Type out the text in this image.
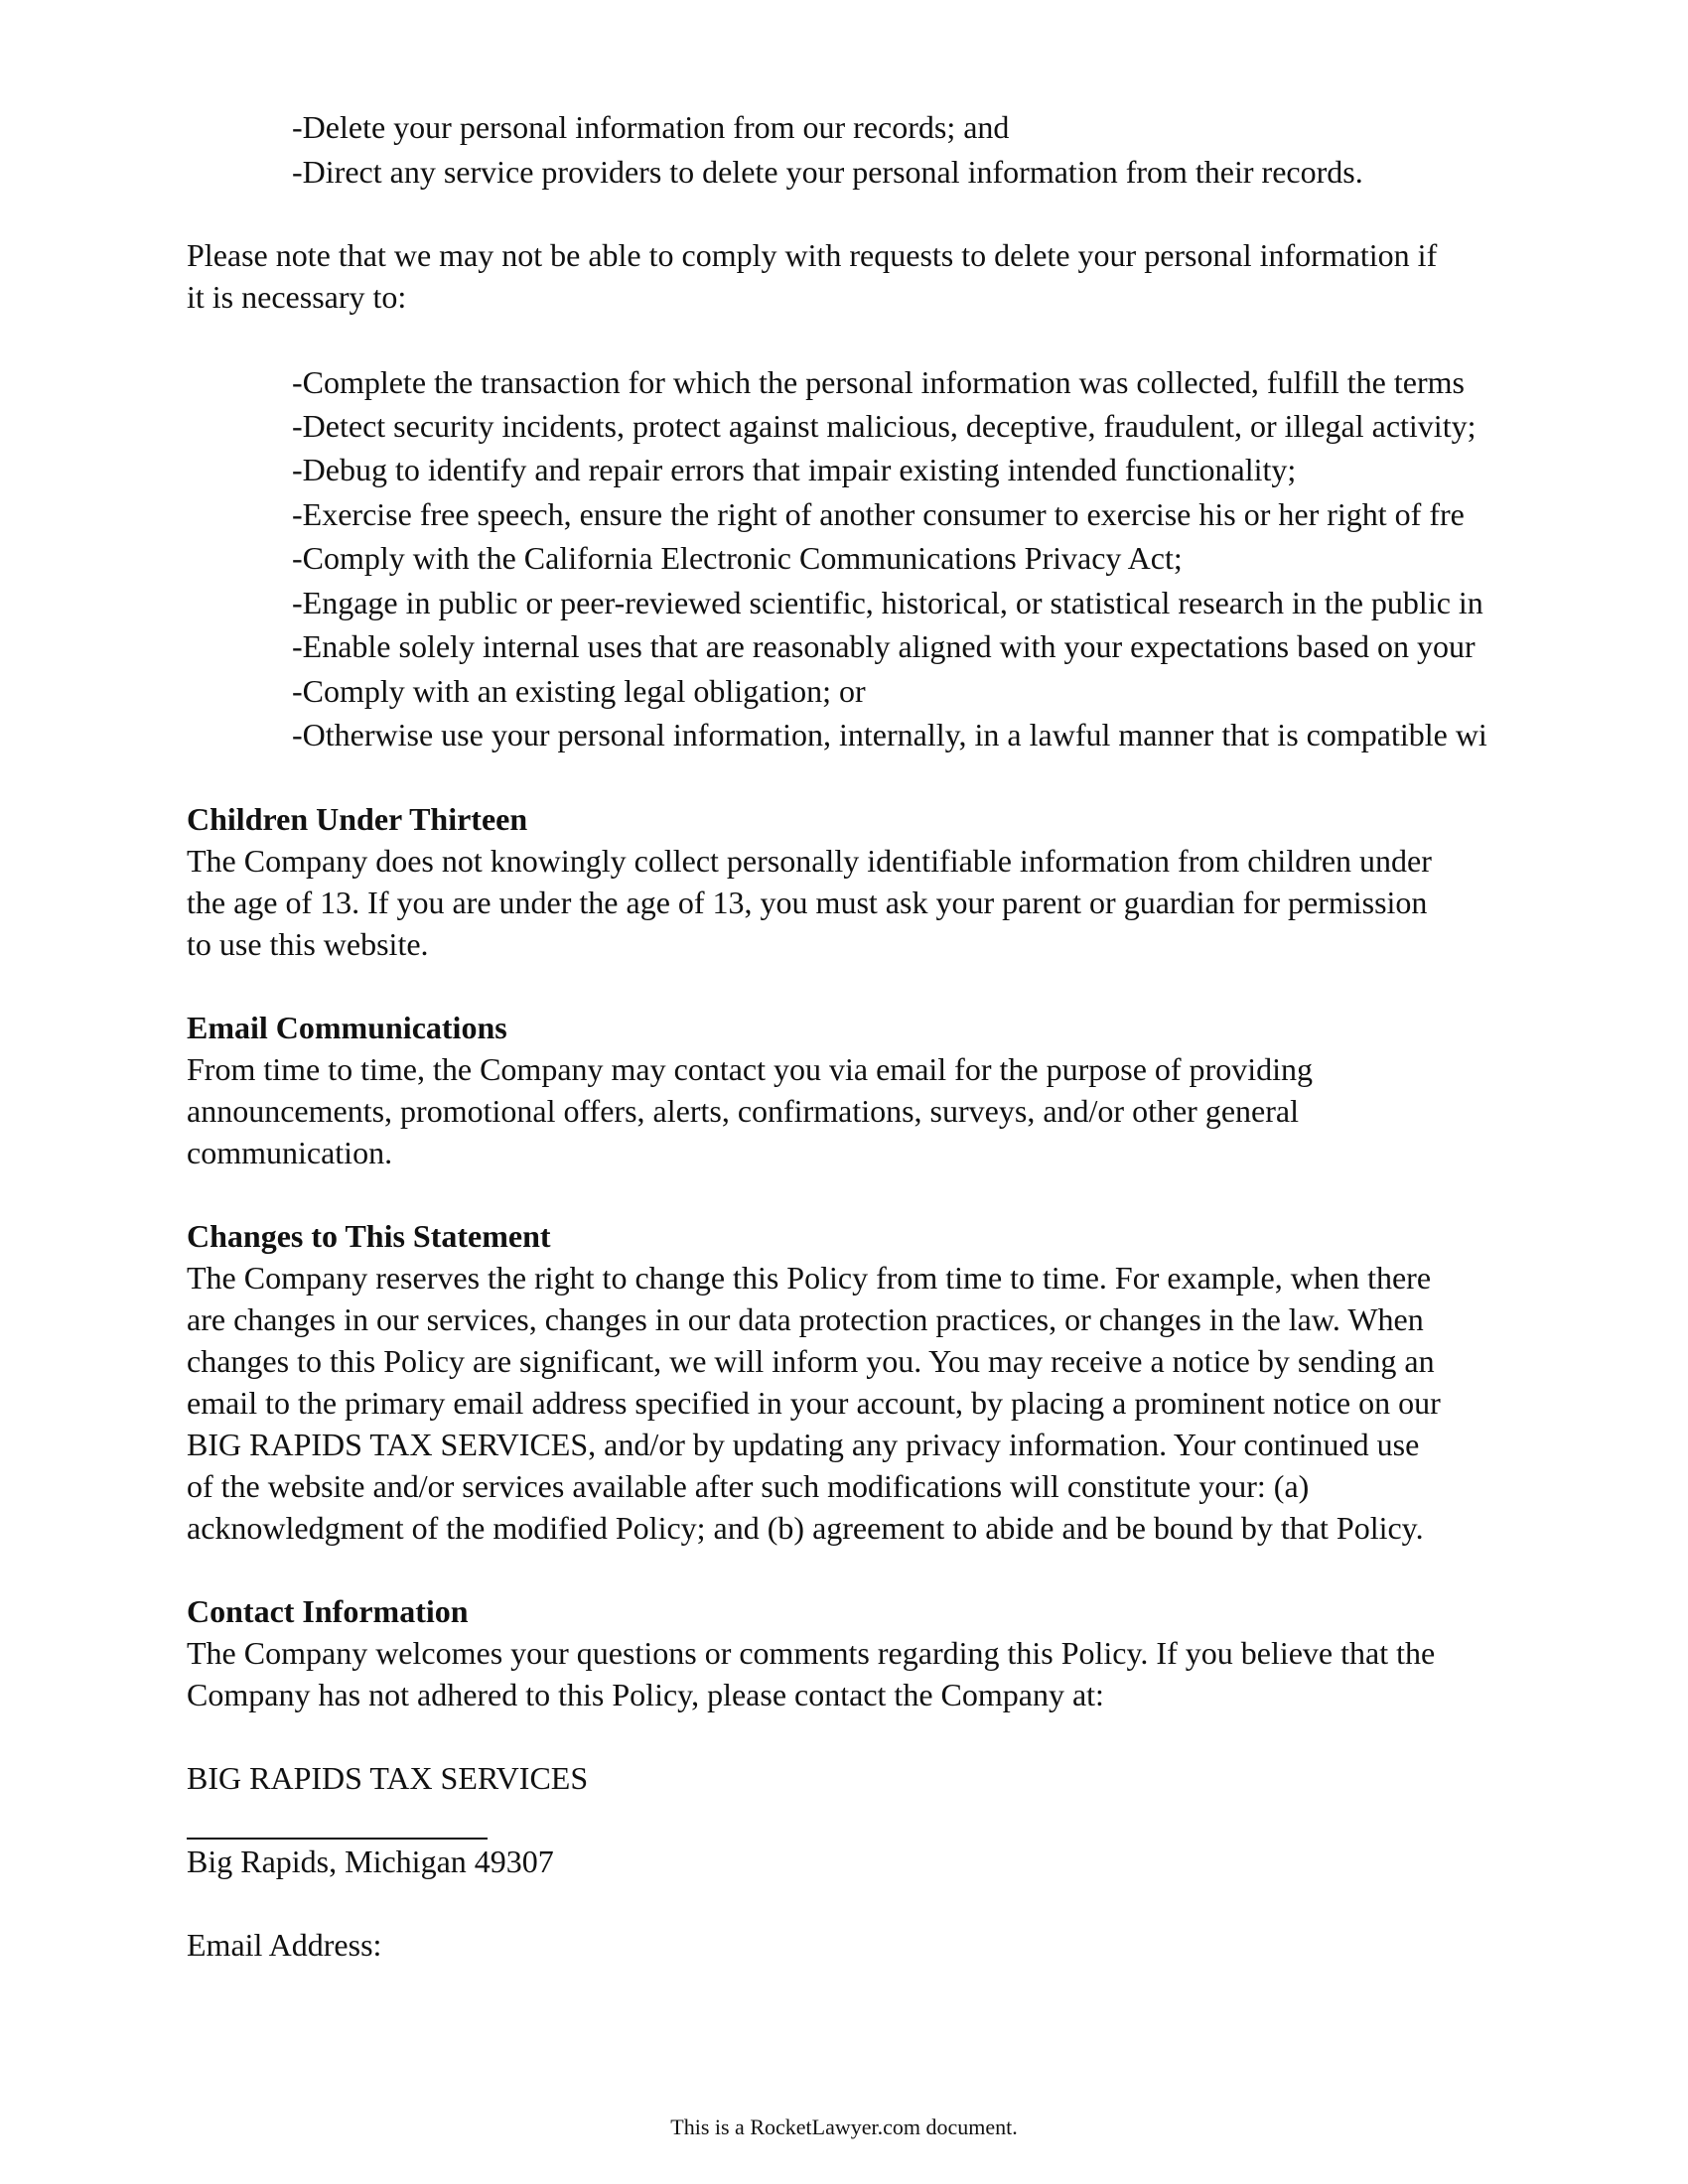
-Delete your personal information from our records; and

-Direct any service providers to delete your personal information from their records.

Please note that we may not be able to comply with requests to delete your personal information if

it is necessary to:

-Complete the transaction for which the personal information was collected, fulfill the terms

-Detect security incidents, protect against malicious, deceptive, fraudulent, or illegal activity;

-Debug to identify and repair errors that impair existing intended functionality;

-Exercise free speech, ensure the right of another consumer to exercise his or her right of fre

-Comply with the California Electronic Communications Privacy Act;

-Engage in public or peer-reviewed scientific, historical, or statistical research in the public in

-Enable solely internal uses that are reasonably aligned with your expectations based on your

-Comply with an existing legal obligation; or

-Otherwise use your personal information, internally, in a lawful manner that is compatible wi

Children Under Thirteen

The Company does not knowingly collect personally identifiable information from children under

the age of 13. If you are under the age of 13, you must ask your parent or guardian for permission

to use this website.

Email Communications

From time to time, the Company may contact you via email for the purpose of providing

announcements, promotional offers, alerts, confirmations, surveys, and/or other general

communication.

Changes to This Statement

The Company reserves the right to change this Policy from time to time. For example, when there

are changes in our services, changes in our data protection practices, or changes in the law. When

changes to this Policy are significant, we will inform you. You may receive a notice by sending an

email to the primary email address specified in your account, by placing a prominent notice on our

BIG RAPIDS TAX SERVICES, and/or by updating any privacy information. Your continued use

of the website and/or services available after such modifications will constitute your: (a)

acknowledgment of the modified Policy; and (b) agreement to abide and be bound by that Policy.

Contact Information

The Company welcomes your questions or comments regarding this Policy. If you believe that the

Company has not adhered to this Policy, please contact the Company at:

BIG RAPIDS TAX SERVICES

Big Rapids, Michigan 49307

Email Address:

This is a RocketLawyer.com document.
